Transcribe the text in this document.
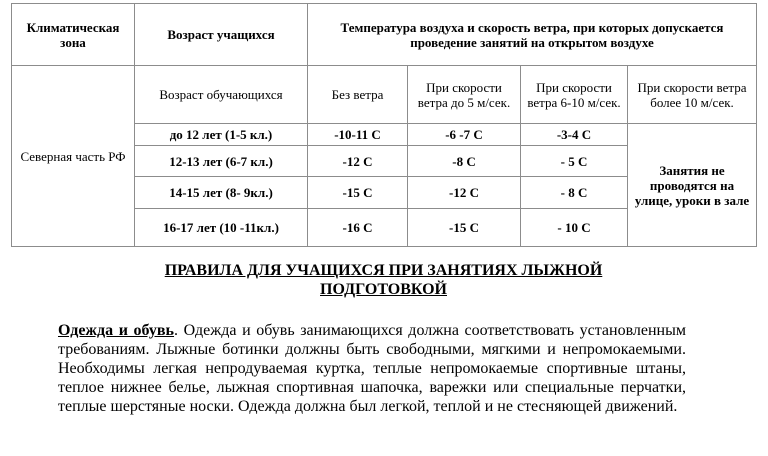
Климатическая зона	Возраст учащихся	Температура воздуха и скорость ветра, при которых допускается проведение занятий на открытом воздухе			
Северная часть РФ	Возраст обучающихся	Без ветра	При скорости ветра до 5 м/сек.	При скорости ветра 6-10 м/сек.	При скорости ветра более 10 м/сек.
	до 12 лет (1-5 кл.)	-10-11 С	-6 -7 С	-3-4 С	Занятия не проводятся на улице, уроки в зале
	12-13 лет (6-7 кл.)	-12 С	-8 С	- 5 С	
	14-15 лет (8- 9кл.)	-15 С	-12 С	- 8 С	
	16-17 лет (10 -11кл.)	-16 С	-15 С	- 10 С	
ПРАВИЛА ДЛЯ УЧАЩИХСЯ ПРИ ЗАНЯТИЯХ ЛЫЖНОЙ
ПОДГОТОВКОЙ
Одежда и обувь. Одежда и обувь занимающихся должна соответствовать установленным требованиям. Лыжные ботинки должны быть свободными, мягкими и непромокаемыми. Необходимы легкая непродуваемая куртка, теплые непромокаемые спортивные штаны, теплое нижнее белье, лыжная спортивная шапочка, варежки или специальные перчатки, теплые шерстяные носки. Одежда должна был легкой, теплой и не стесняющей движений.
